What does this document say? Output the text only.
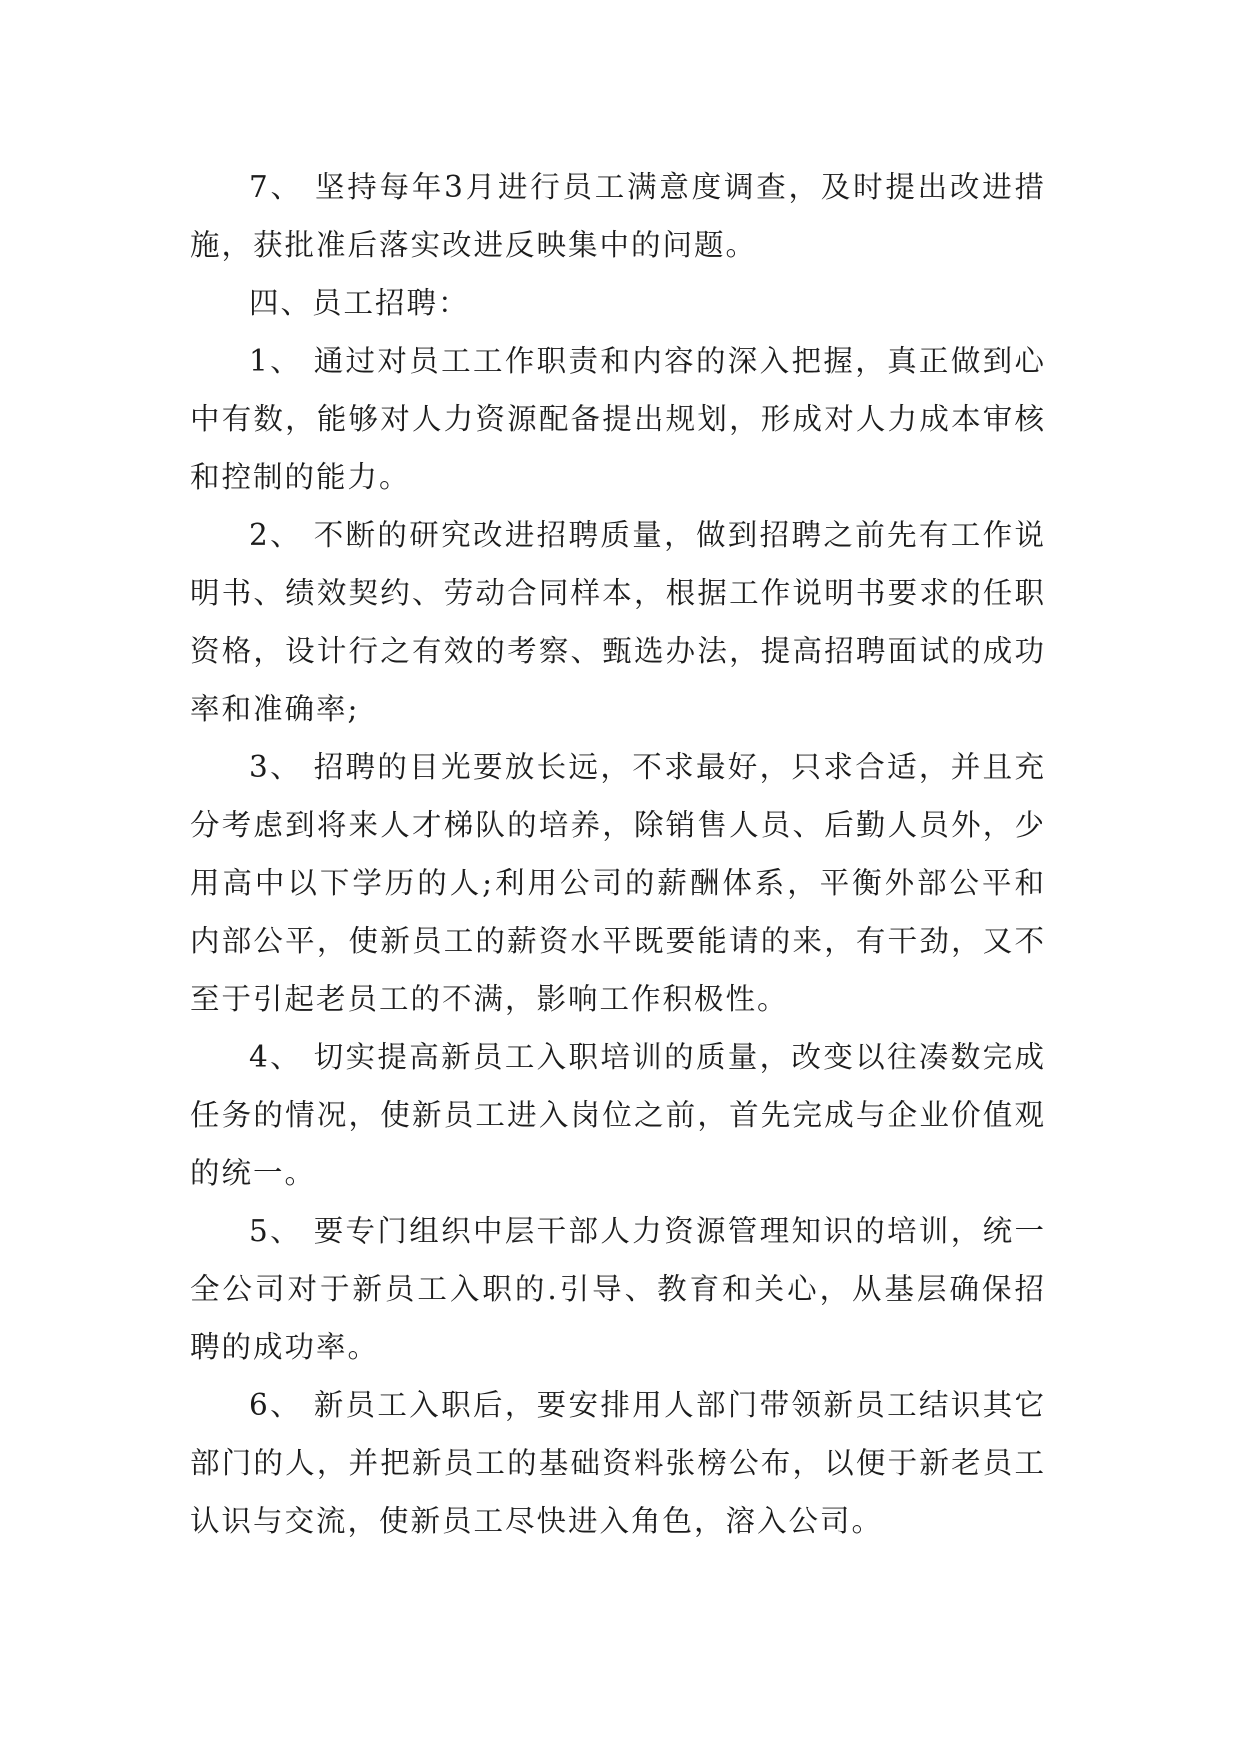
7、 坚持每年3月进行员工满意度调查，及时提出改进措施，获批准后落实改进反映集中的问题。

四、员工招聘：

1、 通过对员工工作职责和内容的深入把握，真正做到心中有数，能够对人力资源配备提出规划，形成对人力成本审核和控制的能力。

2、 不断的研究改进招聘质量，做到招聘之前先有工作说明书、绩效契约、劳动合同样本，根据工作说明书要求的任职资格，设计行之有效的考察、甄选办法，提高招聘面试的成功率和准确率;

3、 招聘的目光要放长远，不求最好，只求合适，并且充分考虑到将来人才梯队的培养，除销售人员、后勤人员外，少用高中以下学历的人;利用公司的薪酬体系，平衡外部公平和内部公平，使新员工的薪资水平既要能请的来，有干劲，又不至于引起老员工的不满，影响工作积极性。

4、 切实提高新员工入职培训的质量，改变以往凑数完成任务的情况，使新员工进入岗位之前，首先完成与企业价值观的统一。

5、 要专门组织中层干部人力资源管理知识的培训，统一全公司对于新员工入职的.引导、教育和关心，从基层确保招聘的成功率。

6、 新员工入职后，要安排用人部门带领新员工结识其它部门的人，并把新员工的基础资料张榜公布，以便于新老员工认识与交流，使新员工尽快进入角色，溶入公司。
